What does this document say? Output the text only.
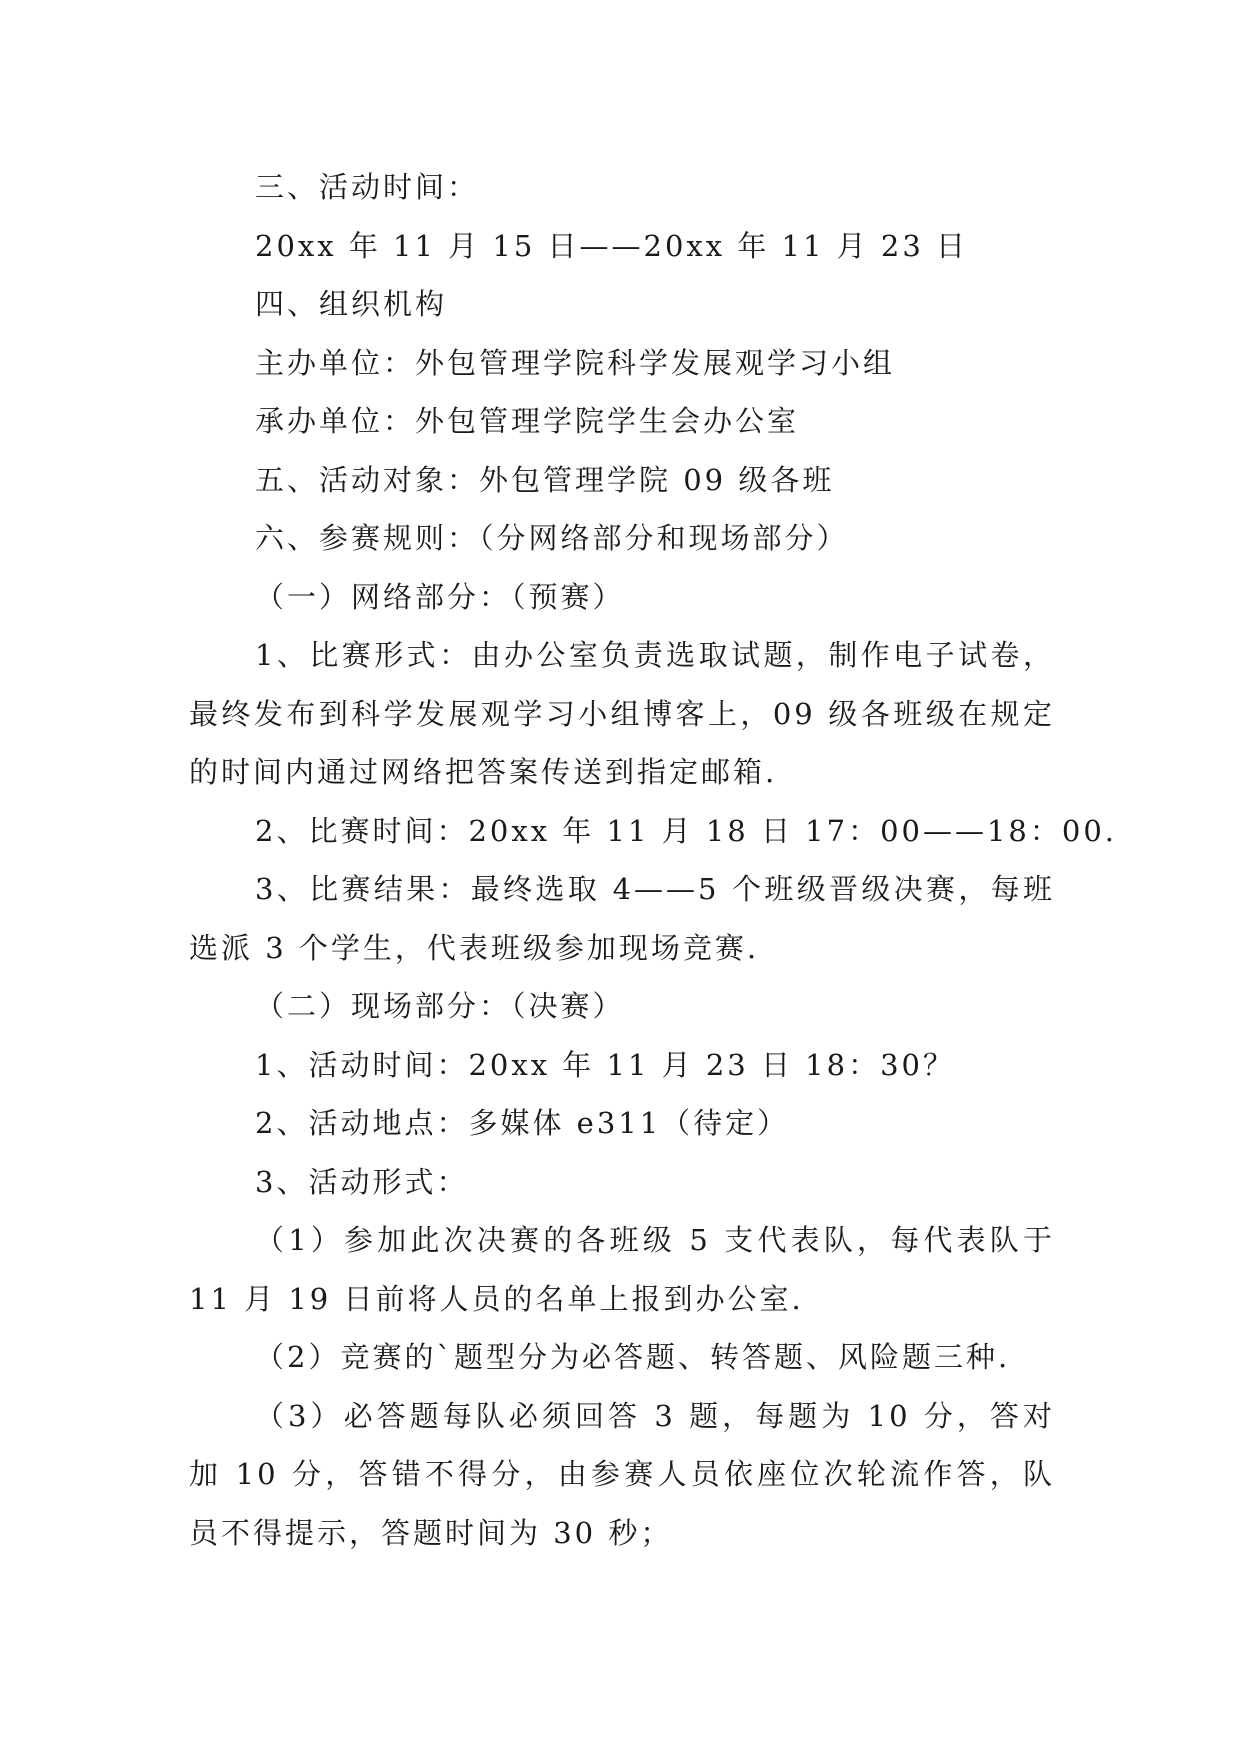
三、活动时间：
20xx 年 11 月 15 日——20xx 年 11 月 23 日
四、组织机构
主办单位：外包管理学院科学发展观学习小组
承办单位：外包管理学院学生会办公室
五、活动对象：外包管理学院 09 级各班
六、参赛规则：（分网络部分和现场部分）
（一）网络部分：（预赛）
1、比赛形式：由办公室负责选取试题，制作电子试卷，最终发布到科学发展观学习小组博客上，09 级各班级在规定的时间内通过网络把答案传送到指定邮箱.
2、比赛时间：20xx 年 11 月 18 日 17：00——18：00.
3、比赛结果：最终选取 4——5 个班级晋级决赛，每班选派 3 个学生，代表班级参加现场竞赛.
（二）现场部分：（决赛）
1、活动时间：20xx 年 11 月 23 日 18：30？
2、活动地点：多媒体 e311（待定）
3、活动形式：
（1）参加此次决赛的各班级 5 支代表队，每代表队于 11 月 19 日前将人员的名单上报到办公室.
（2）竞赛的`题型分为必答题、转答题、风险题三种.
（3）必答题每队必须回答 3 题，每题为 10 分，答对加 10 分，答错不得分，由参赛人员依座位次轮流作答，队员不得提示，答题时间为 30 秒；
